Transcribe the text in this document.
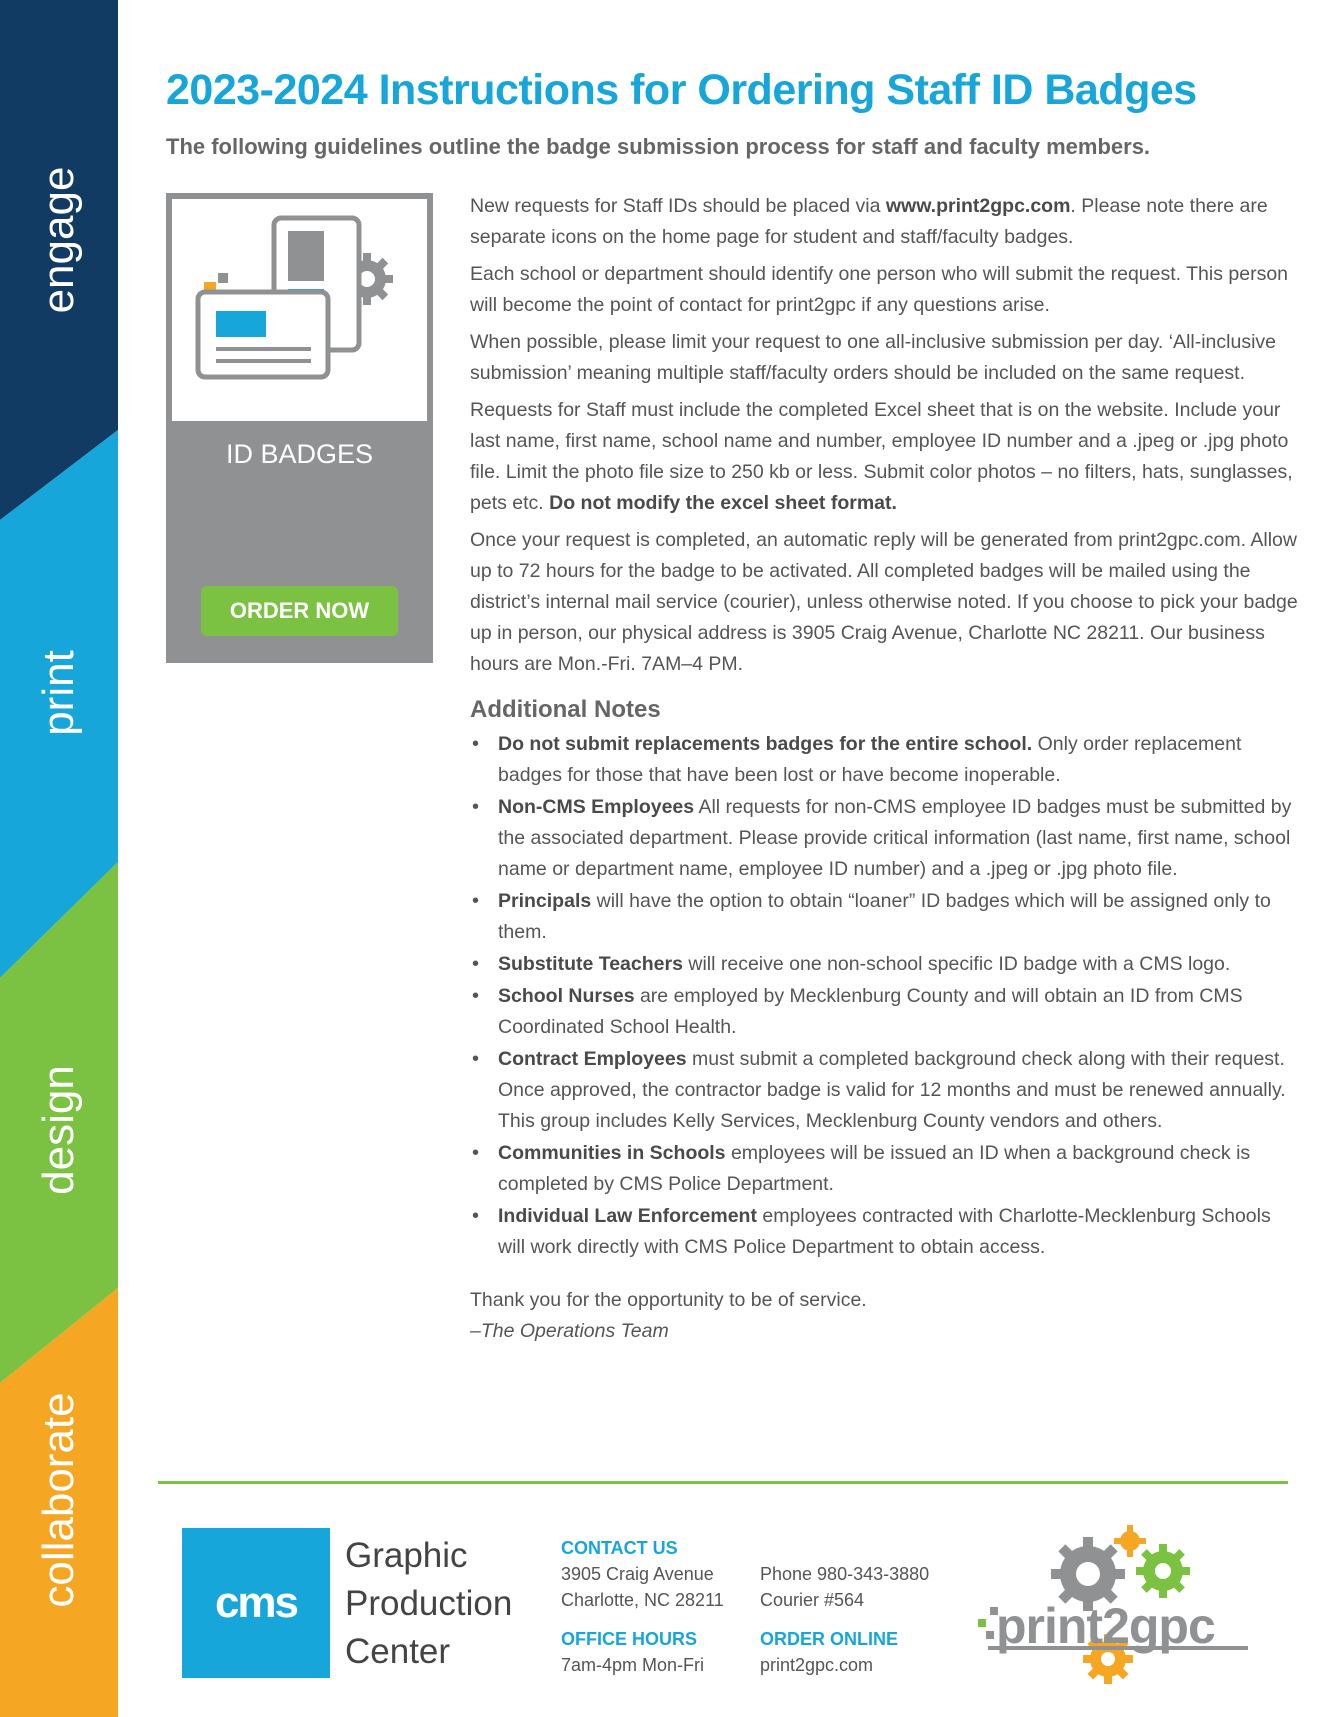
engage
print
design
collaborate
2023-2024 Instructions for Ordering Staff ID Badges
The following guidelines outline the badge submission process for staff and faculty members.
ID BADGES
ORDER NOW

New requests for Staff IDs should be placed via www.print2gpc.com. Please note there are separate icons on the home page for student and staff/faculty badges.

Each school or department should identify one person who will submit the request. This person will become the point of contact for print2gpc if any questions arise.

When possible, please limit your request to one all-inclusive submission per day. ‘All-inclusive submission’ meaning multiple staff/faculty orders should be included on the same request.

Requests for Staff must include the completed Excel sheet that is on the website. Include your last name, first name, school name and number, employee ID number and a .jpeg or .jpg photo file. Limit the photo file size to 250 kb or less. Submit color photos – no filters, hats, sunglasses, pets etc. Do not modify the excel sheet format.

Once your request is completed, an automatic reply will be generated from print2gpc.com. Allow up to 72 hours for the badge to be activated. All completed badges will be mailed using the district’s internal mail service (courier), unless otherwise noted. If you choose to pick your badge up in person, our physical address is 3905 Craig Avenue, Charlotte NC 28211. Our business hours are Mon.-Fri. 7AM–4 PM.

Additional Notes
• Do not submit replacements badges for the entire school. Only order replacement badges for those that have been lost or have become inoperable.
• Non-CMS Employees All requests for non-CMS employee ID badges must be submitted by the associated department. Please provide critical information (last name, first name, school name or department name, employee ID number) and a .jpeg or .jpg photo file.
• Principals will have the option to obtain “loaner” ID badges which will be assigned only to them.
• Substitute Teachers will receive one non-school specific ID badge with a CMS logo.
• School Nurses are employed by Mecklenburg County and will obtain an ID from CMS Coordinated School Health.
• Contract Employees must submit a completed background check along with their request. Once approved, the contractor badge is valid for 12 months and must be renewed annually. This group includes Kelly Services, Mecklenburg County vendors and others.
• Communities in Schools employees will be issued an ID when a background check is completed by CMS Police Department.
• Individual Law Enforcement employees contracted with Charlotte-Mecklenburg Schools will work directly with CMS Police Department to obtain access.
Thank you for the opportunity to be of service.
–The Operations Team
cms
Graphic
Production
Center
CONTACT US
3905 Craig Avenue
Charlotte, NC 28211
Phone 980-343-3880
Courier #564
OFFICE HOURS
7am-4pm Mon-Fri
ORDER ONLINE
print2gpc.com
print2gpc
